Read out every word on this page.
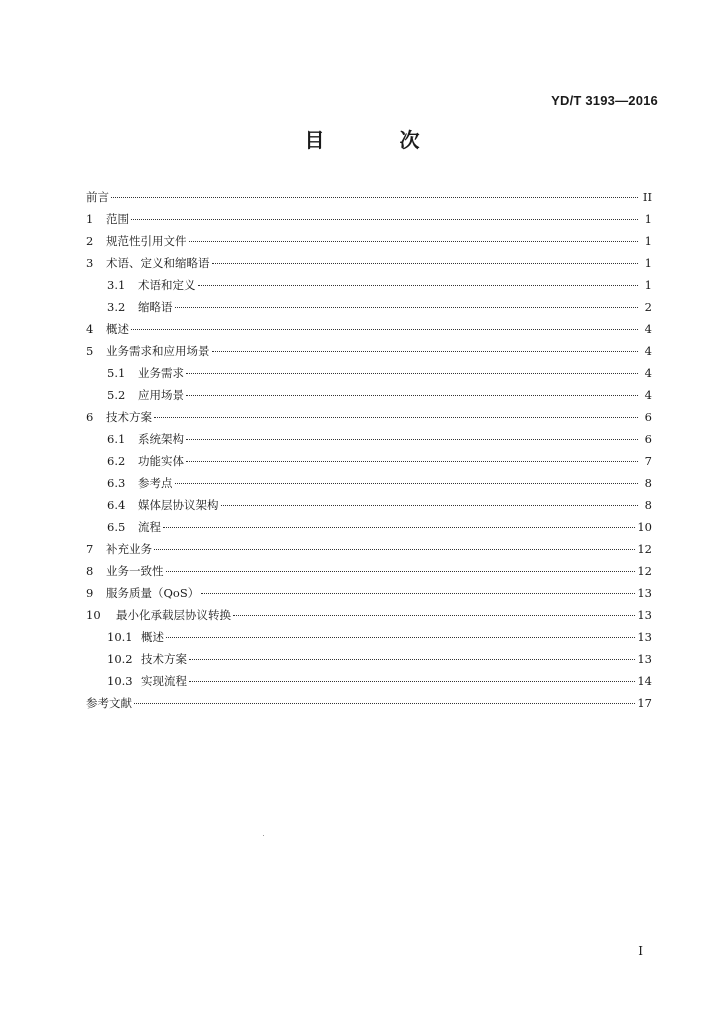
YD/T 3193—2016
目 次
前言	II
1	范围	1
2	规范性引用文件	1
3	术语、定义和缩略语	1
3.1	术语和定义	1
3.2	缩略语	2
4	概述	4
5	业务需求和应用场景	4
5.1	业务需求	4
5.2	应用场景	4
6	技术方案	6
6.1	系统架构	6
6.2	功能实体	7
6.3	参考点	8
6.4	媒体层协议架构	8
6.5	流程	10
7	补充业务	12
8	业务一致性	12
9	服务质量（QoS）	13
10	最小化承载层协议转换	13
10.1 概述	13
10.2 技术方案	13
10.3 实现流程	14
参考文献	17
I
